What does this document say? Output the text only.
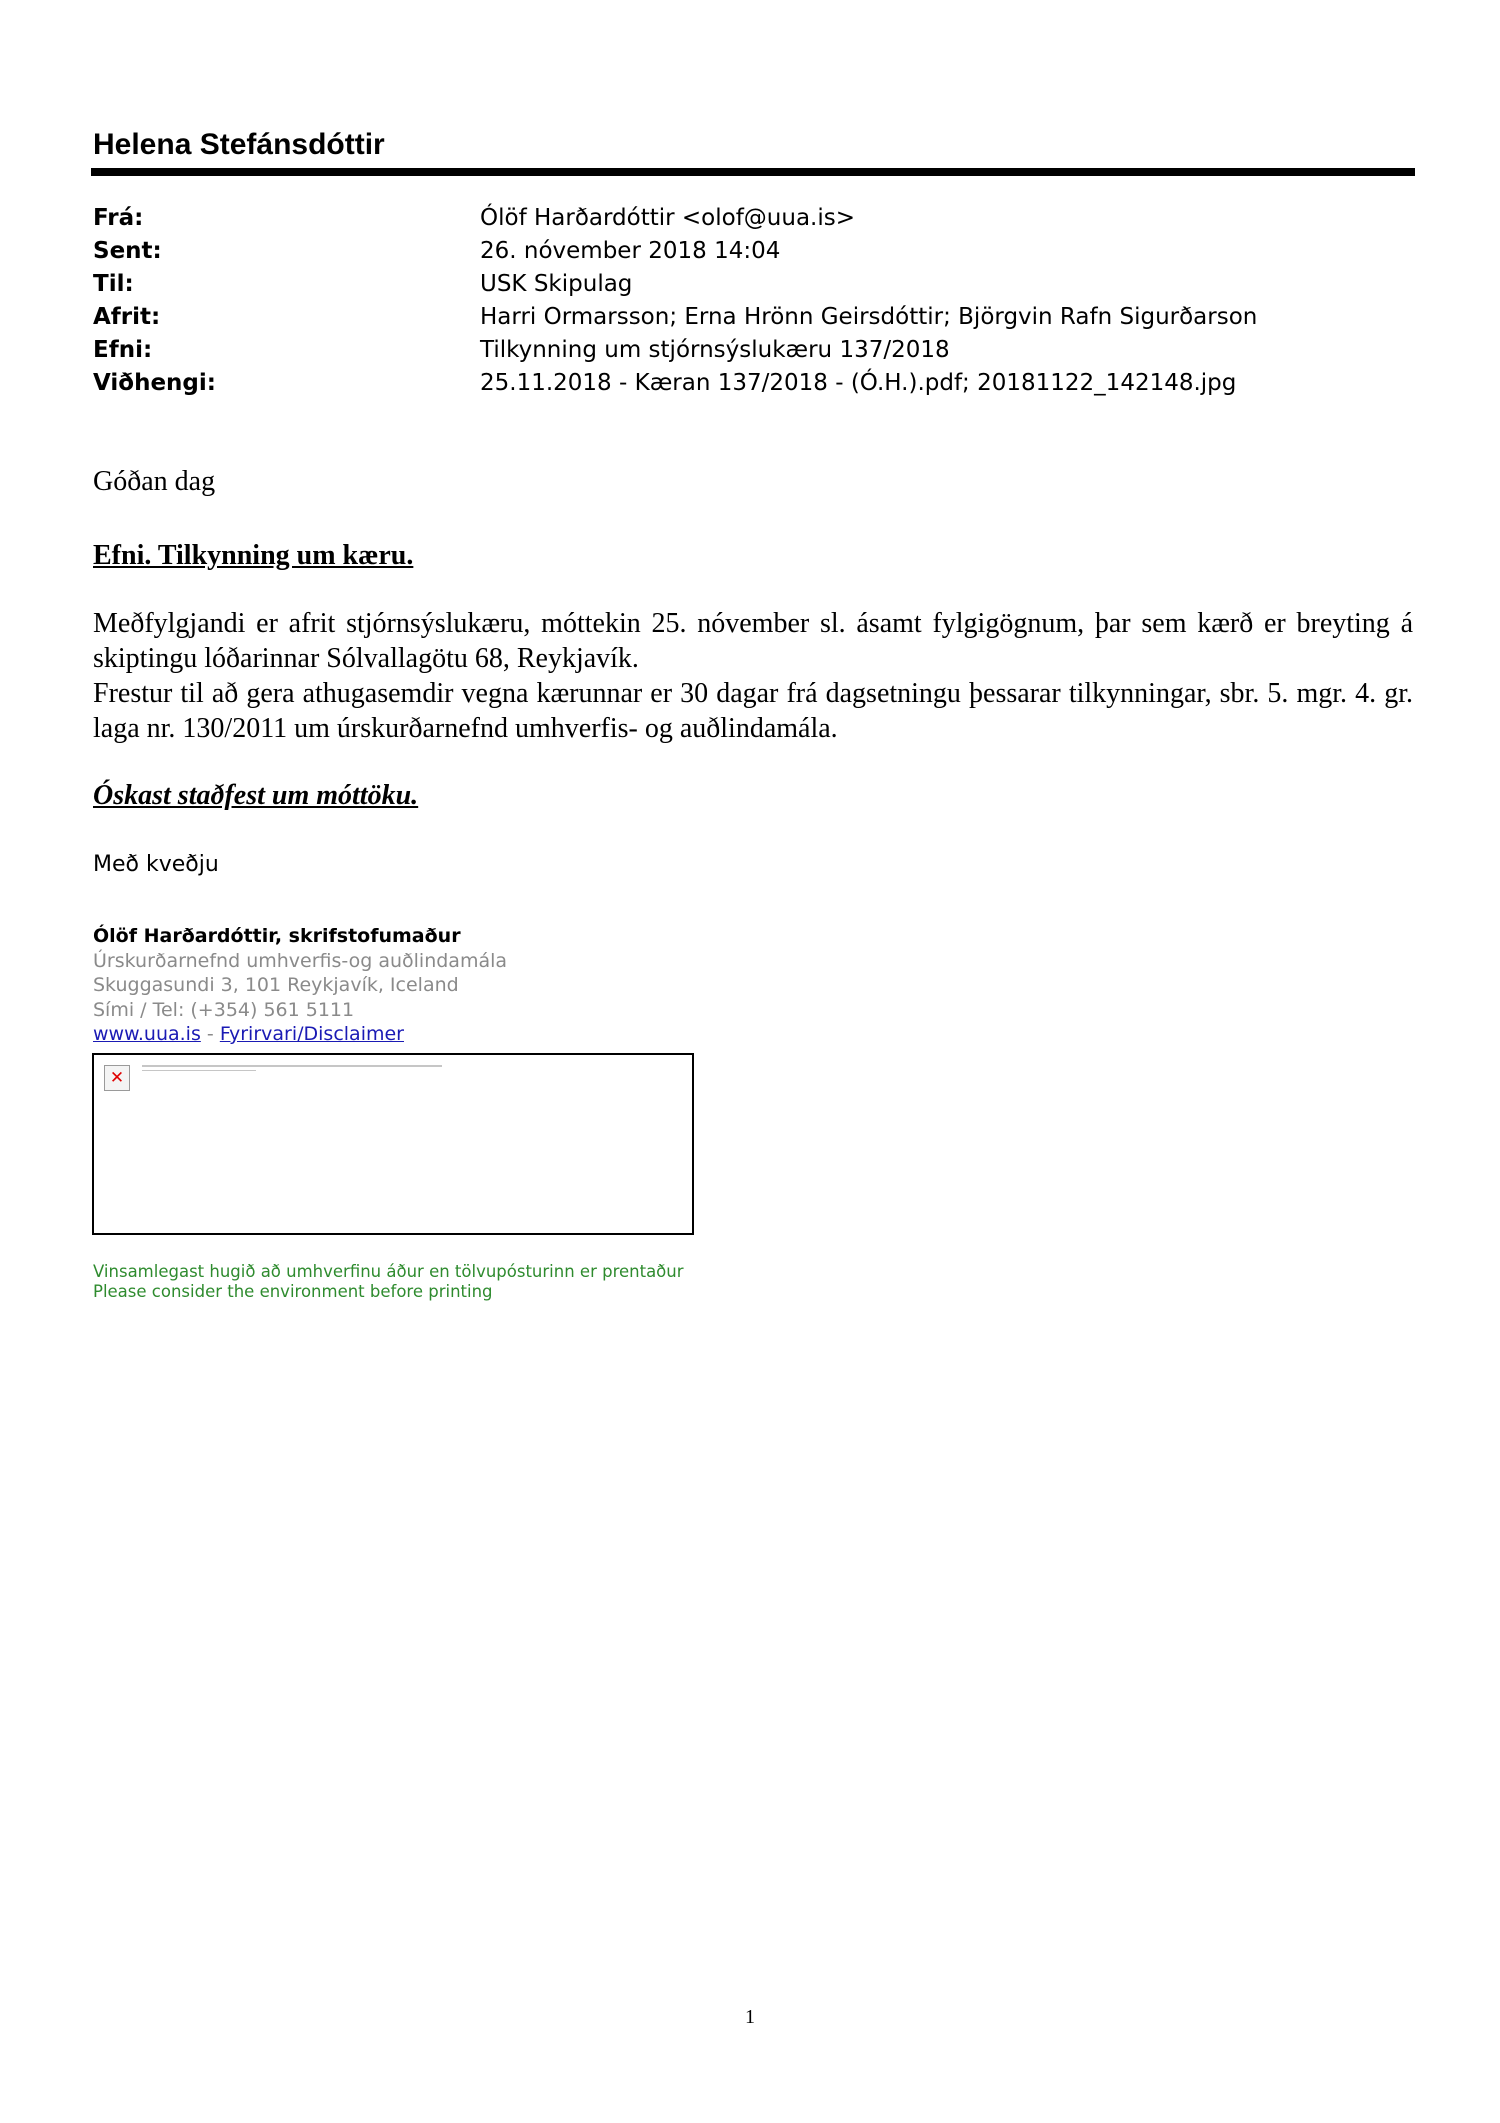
Helena Stefánsdóttir
Frá:	Ólöf Harðardóttir <olof@uua.is>
Sent:	26. nóvember 2018 14:04
Til:	USK Skipulag
Afrit:	Harri Ormarsson; Erna Hrönn Geirsdóttir; Björgvin Rafn Sigurðarson
Efni:	Tilkynning um stjórnsýslukæru 137/2018
Viðhengi:	25.11.2018 - Kæran 137/2018 - (Ó.H.).pdf; 20181122_142148.jpg
Góðan dag
Efni. Tilkynning um kæru.

Meðfylgjandi er afrit stjórnsýslukæru, móttekin 25. nóvember sl. ásamt fylgigögnum, þar sem kærð er breyting á skiptingu lóðarinnar Sólvallagötu 68, Reykjavík.

Frestur til að gera athugasemdir vegna kærunnar er 30 dagar frá dagsetningu þessarar tilkynningar, sbr. 5. mgr. 4. gr. laga nr. 130/2011 um úrskurðarnefnd umhverfis- og auðlindamála.

Óskast staðfest um móttöku.
Með kveðju
Ólöf Harðardóttir, skrifstofumaður
Úrskurðarnefnd umhverfis-og auðlindamála
Skuggasundi 3, 101 Reykjavík, Iceland
Sími / Tel: (+354) 561 5111
www.uua.is - Fyrirvari/Disclaimer
✕
Vinsamlegast hugið að umhverfinu áður en tölvupósturinn er prentaður
Please consider the environment before printing
1
